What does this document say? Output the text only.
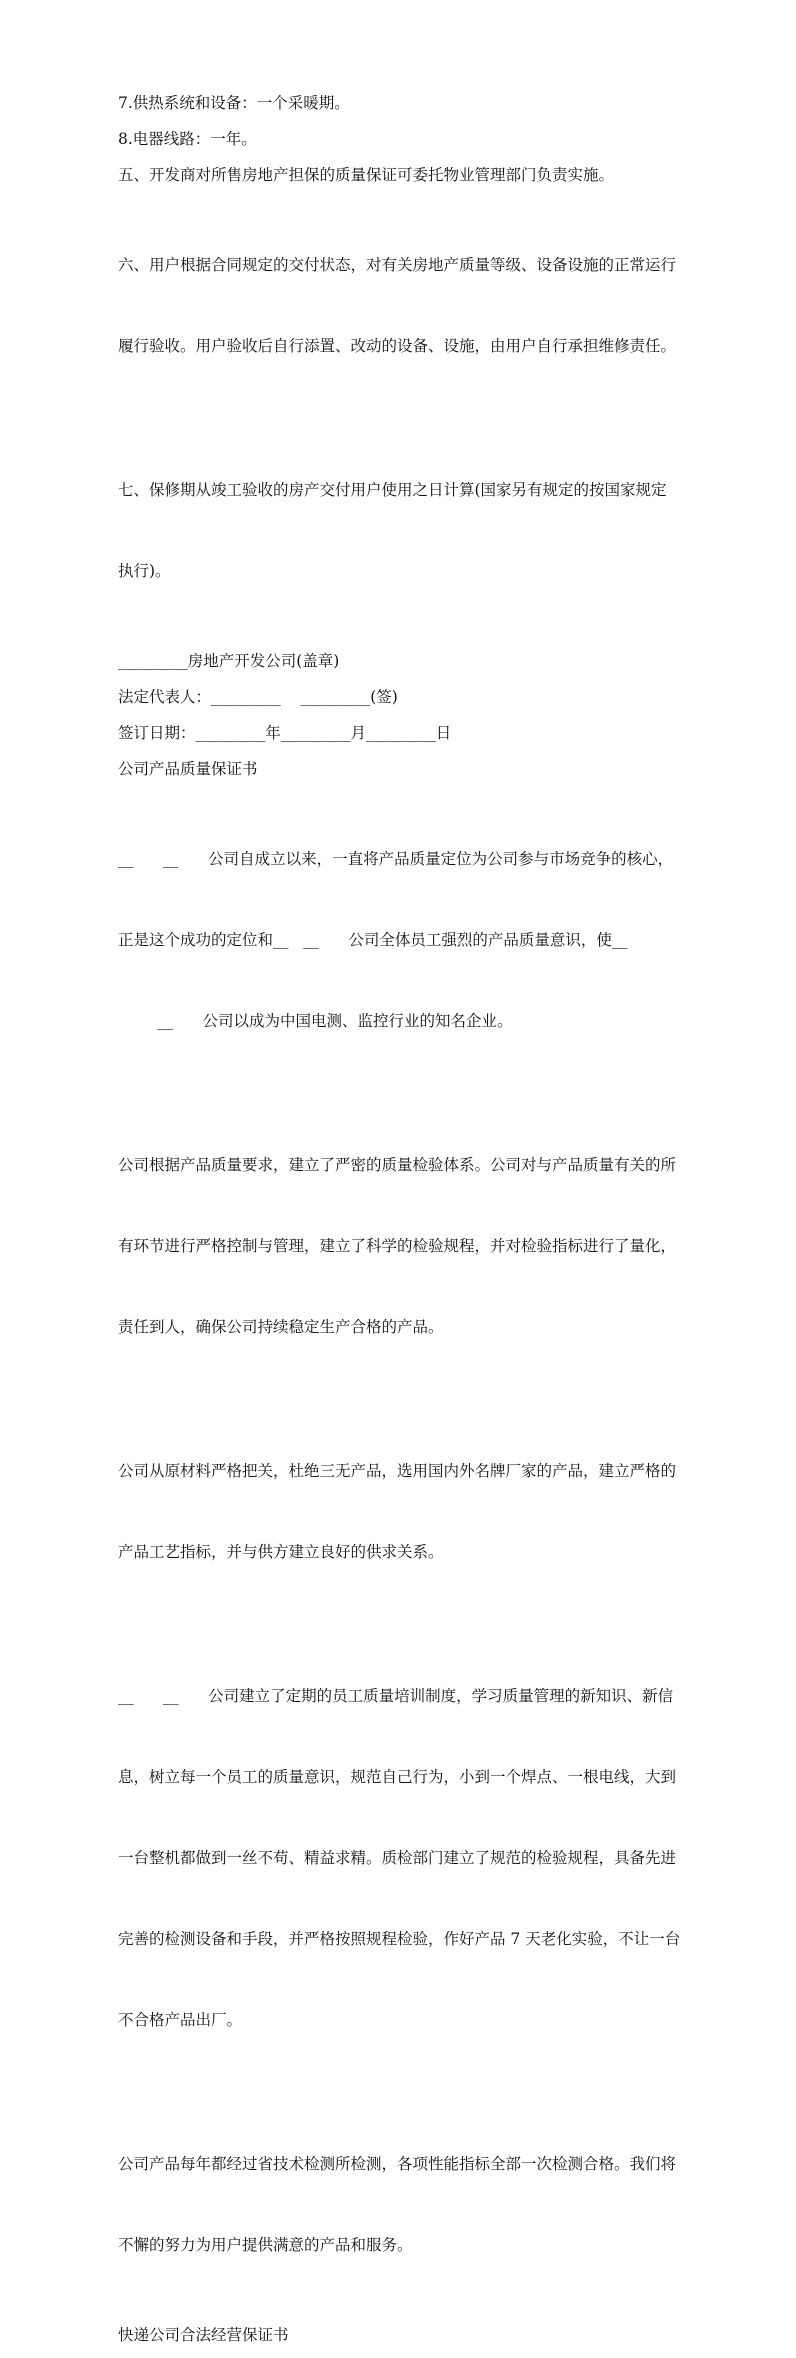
7.供热系统和设备：一个采暖期。

8.电器线路：一年。

五、开发商对所售房地产担保的质量保证可委托物业管理部门负责实施。

六、用户根据合同规定的交付状态，对有关房地产质量等级、设备设施的正常运行

履行验收。用户验收后自行添置、改动的设备、设施，由用户自行承担维修责任。

七、保修期从竣工验收的房产交付用户使用之日计算(国家另有规定的按国家规定

执行)。

_________房地产开发公司(盖章)

法定代表人：_________    _________(签)

签订日期：_________年_________月_________日

公司产品质量保证书

__      __      公司自成立以来，一直将产品质量定位为公司参与市场竞争的核心，

正是这个成功的定位和__   __      公司全体员工强烈的产品质量意识，使__

__      公司以成为中国电测、监控行业的知名企业。

公司根据产品质量要求，建立了严密的质量检验体系。公司对与产品质量有关的所

有环节进行严格控制与管理，建立了科学的检验规程，并对检验指标进行了量化，

责任到人，确保公司持续稳定生产合格的产品。

公司从原材料严格把关，杜绝三无产品，选用国内外名牌厂家的产品，建立严格的

产品工艺指标，并与供方建立良好的供求关系。

__      __      公司建立了定期的员工质量培训制度，学习质量管理的新知识、新信

息，树立每一个员工的质量意识，规范自己行为，小到一个焊点、一根电线，大到

一台整机都做到一丝不苟、精益求精。质检部门建立了规范的检验规程，具备先进

完善的检测设备和手段，并严格按照规程检验，作好产品 7 天老化实验，不让一台

不合格产品出厂。

公司产品每年都经过省技术检测所检测，各项性能指标全部一次检测合格。我们将

不懈的努力为用户提供满意的产品和服务。

快递公司合法经营保证书
